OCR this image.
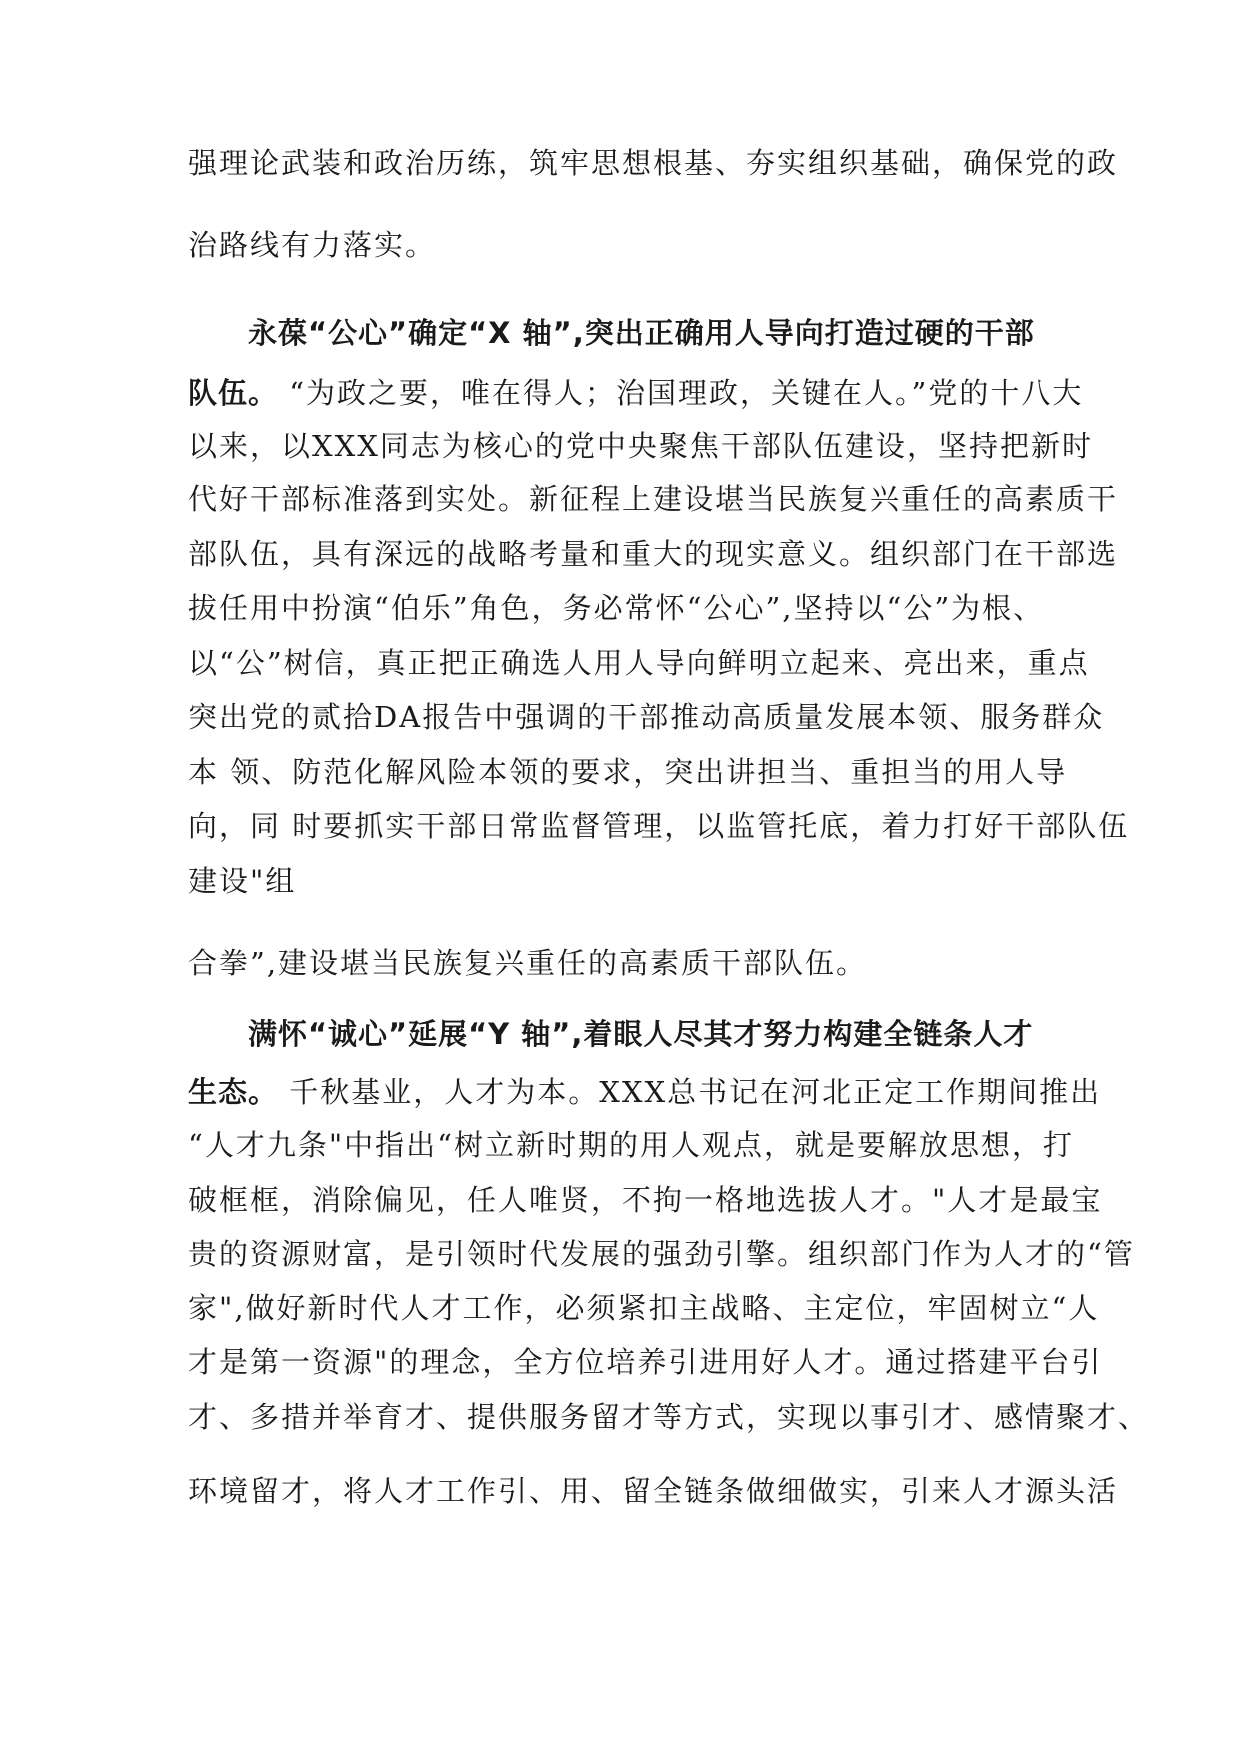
强理论武装和政治历练，筑牢思想根基、夯实组织基础，确保党的政
治路线有力落实。
永葆“公心”确定“X 轴”,突出正确用人导向打造过硬的干部
队伍。 “为政之要，唯在得人；治国理政，关键在人。”党的十八大
以来，以XXX同志为核心的党中央聚焦干部队伍建设，坚持把新时
代好干部标准落到实处。新征程上建设堪当民族复兴重任的高素质干
部队伍，具有深远的战略考量和重大的现实意义。组织部门在干部选
拔任用中扮演“伯乐”角色，务必常怀“公心”,坚持以“公”为根、
以“公”树信，真正把正确选人用人导向鲜明立起来、亮出来，重点
突出党的贰拾DA报告中强调的干部推动高质量发展本领、服务群众
本 领、防范化解风险本领的要求，突出讲担当、重担当的用人导
向，同 时要抓实干部日常监督管理，以监管托底，着力打好干部队伍
建设"组
合拳”,建设堪当民族复兴重任的高素质干部队伍。
满怀“诚心”延展“Y 轴”,着眼人尽其才努力构建全链条人才
生态。 千秋基业，人才为本。XXX总书记在河北正定工作期间推出
“人才九条"中指出“树立新时期的用人观点，就是要解放思想，打
破框框，消除偏见，任人唯贤，不拘一格地选拔人才。"人才是最宝
贵的资源财富，是引领时代发展的强劲引擎。组织部门作为人才的“管
家",做好新时代人才工作，必须紧扣主战略、主定位，牢固树立“人
才是第一资源"的理念，全方位培养引进用好人才。通过搭建平台引
才、多措并举育才、提供服务留才等方式，实现以事引才、感情聚才、
环境留才，将人才工作引、用、留全链条做细做实，引来人才源头活
